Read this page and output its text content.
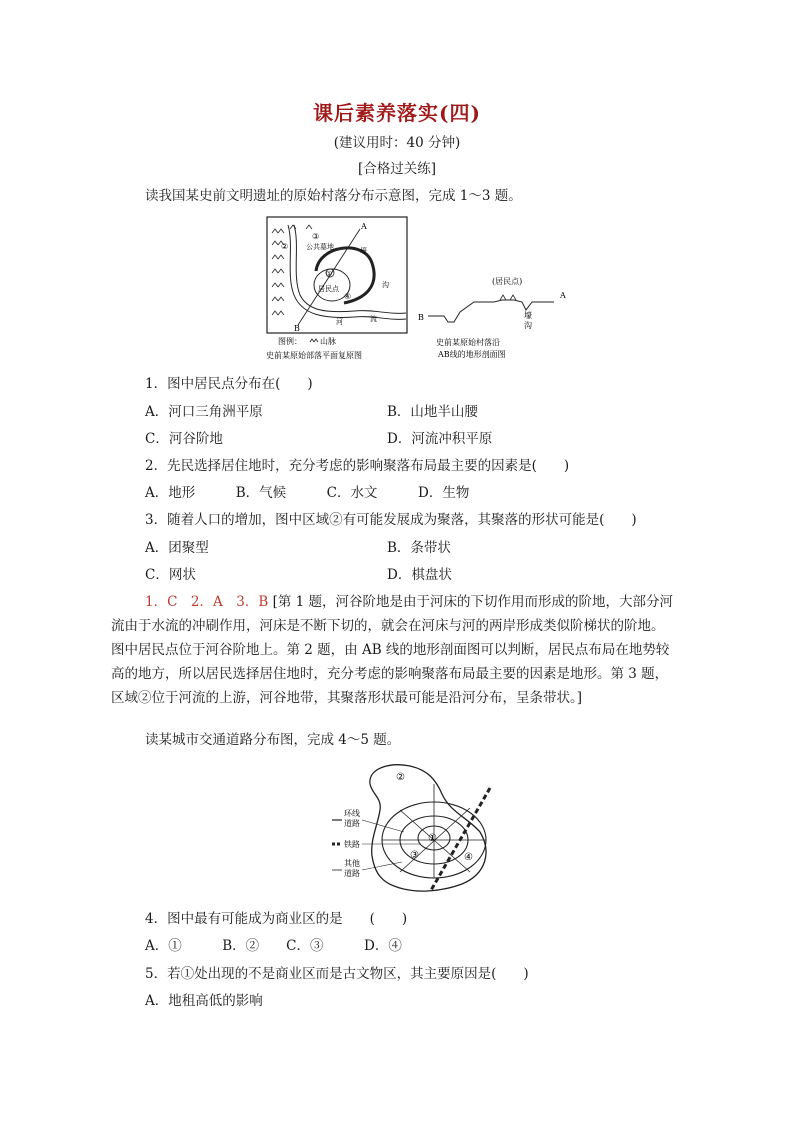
课后素养落实(四)
(建议用时：40 分钟)
[合格过关练]
读我国某史前文明遗址的原始村落分布示意图，完成 1～3 题。
A
B
②
③
①
④
公共墓地	壕
居民点	沟
河	流
图例： 山脉
史前某原始部落平面复原图
(居民点)
B
A
壕
沟
史前某原始村落沿
AB线的地形剖面图
1．图中居民点分布在(　　)
A．河口三角洲平原	B．山地半山腰
C．河谷阶地	D．河流冲积平原
2．先民选择居住地时，充分考虑的影响聚落布局最主要的因素是(　　)
A．地形　　　B．气候　　　C．水文　　　D．生物
3．随着人口的增加，图中区域②有可能发展成为聚落，其聚落的形状可能是(　　)
A．团聚型	B．条带状
C．网状	D．棋盘状

1．C　2．A　3．B [第 1 题，河谷阶地是由于河床的下切作用而形成的阶地，大部分河

流由于水流的冲刷作用，河床是不断下切的，就会在河床与河的两岸形成类似阶梯状的阶地。

图中居民点位于河谷阶地上。第 2 题，由 AB 线的地形剖面图可以判断，居民点布局在地势较

高的地方，所以居民选择居住地时，充分考虑的影响聚落布局最主要的因素是地形。第 3 题，

区域②位于河流的上游，河谷地带，其聚落形状最可能是沿河分布，呈条带状。]

读某城市交通道路分布图，完成 4～5 题。
②
①
③	④
环线
道路
铁路
其他
道路
4．图中最有可能成为商业区的是　　(　　)
A．①　　　B．②　　C．③　　　D．④
5．若①处出现的不是商业区而是古文物区，其主要原因是(　　)
A．地租高低的影响
